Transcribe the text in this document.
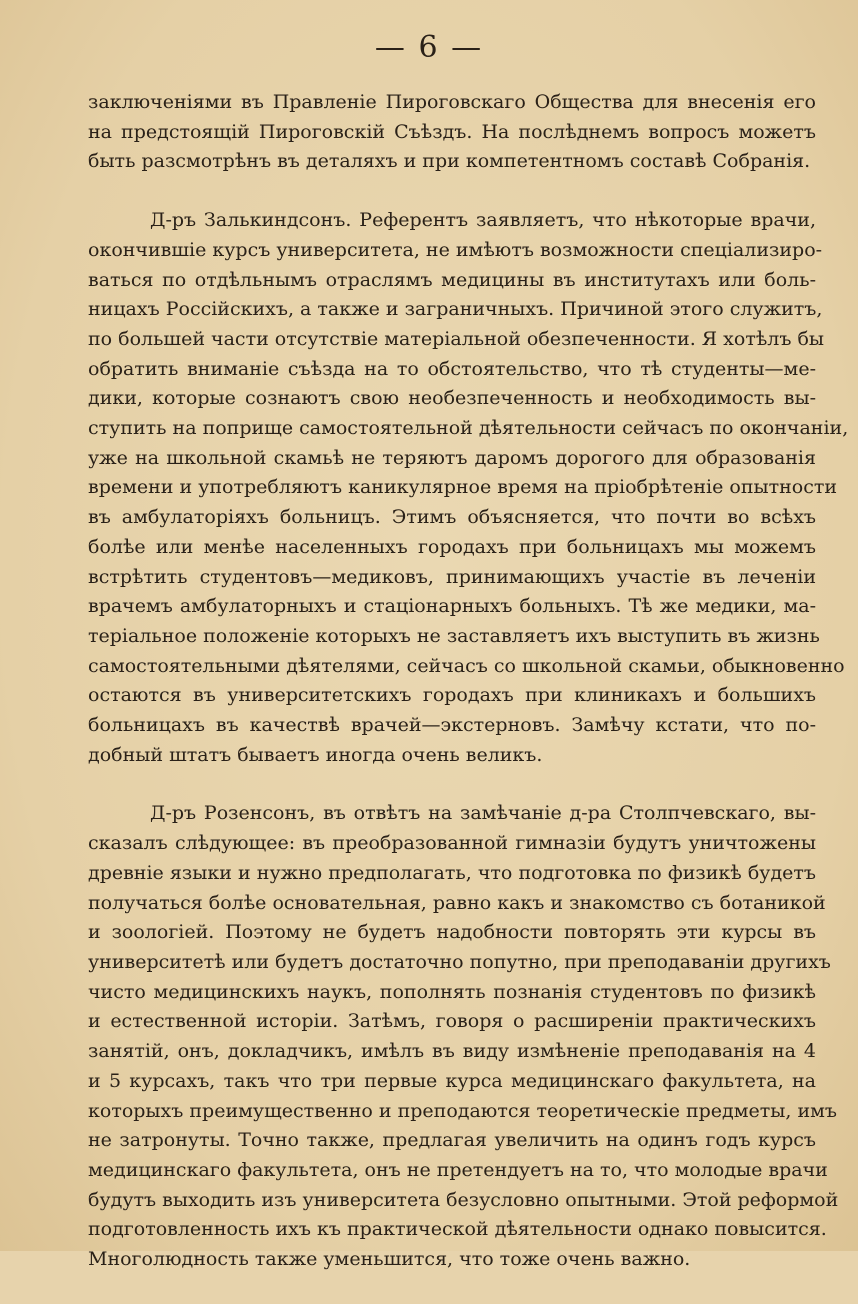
— 6 —
заключеніями въ Правленіе Пироговскаго Общества для внесенія его
на предстоящій Пироговскій Съѣздъ. На послѣднемъ вопросъ можетъ
быть разсмотрѣнъ въ деталяхъ и при компетентномъ составѣ Собранія.
Д-ръ Залькиндсонъ. Референтъ заявляетъ, что нѣкоторые врачи,
окончившіе курсъ университета, не имѣютъ возможности спеціализиро-
ваться по отдѣльнымъ отраслямъ медицины въ институтахъ или боль-
ницахъ Россійскихъ, а также и заграничныхъ. Причиной этого служитъ,
по большей части отсутствіе матеріальной обезпеченности. Я хотѣлъ бы
обратить вниманіе съѣзда на то обстоятельство, что тѣ студенты—ме-
дики, которые сознаютъ свою необезпеченность и необходимость вы-
ступить на поприще самостоятельной дѣятельности сейчасъ по окончаніи,
уже на школьной скамьѣ не теряютъ даромъ дорогого для образованія
времени и употребляютъ каникулярное время на пріобрѣтеніе опытности
въ амбулаторіяхъ больницъ. Этимъ объясняется, что почти во всѣхъ
болѣе или менѣе населенныхъ городахъ при больницахъ мы можемъ
встрѣтить студентовъ—медиковъ, принимающихъ участіе въ леченіи
врачемъ амбулаторныхъ и стаціонарныхъ больныхъ. Тѣ же медики, ма-
теріальное положеніе которыхъ не заставляетъ ихъ выступить въ жизнь
самостоятельными дѣятелями, сейчасъ со школьной скамьи, обыкновенно
остаются въ университетскихъ городахъ при клиникахъ и большихъ
больницахъ въ качествѣ врачей—экстерновъ. Замѣчу кстати, что по-
добный штатъ бываетъ иногда очень великъ.
Д-ръ Розенсонъ, въ отвѣтъ на замѣчаніе д-ра Столпчевскаго, вы-
сказалъ слѣдующее: въ преобразованной гимназіи будутъ уничтожены
древніе языки и нужно предполагать, что подготовка по физикѣ будетъ
получаться болѣе основательная, равно какъ и знакомство съ ботаникой
и зоологіей. Поэтому не будетъ надобности повторять эти курсы въ
университетѣ или будетъ достаточно попутно, при преподаваніи другихъ
чисто медицинскихъ наукъ, пополнять познанія студентовъ по физикѣ
и естественной исторіи. Затѣмъ, говоря о расширеніи практическихъ
занятій, онъ, докладчикъ, имѣлъ въ виду измѣненіе преподаванія на 4
и 5 курсахъ, такъ что три первые курса медицинскаго факультета, на
которыхъ преимущественно и преподаются теоретическіе предметы, имъ
не затронуты. Точно также, предлагая увеличить на одинъ годъ курсъ
медицинскаго факультета, онъ не претендуетъ на то, что молодые врачи
будутъ выходить изъ университета безусловно опытными. Этой реформой
подготовленность ихъ къ практической дѣятельности однако повысится.
Многолюдность также уменьшится, что тоже очень важно.
